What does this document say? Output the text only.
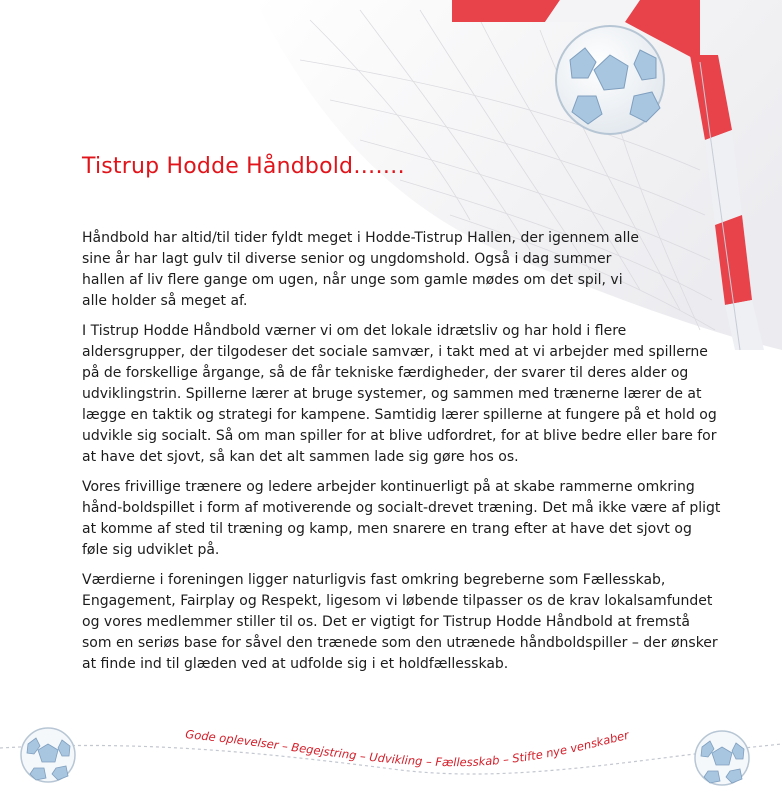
Tistrup Hodde Håndbold…….

Håndbold har altid/til tider fyldt meget i Hodde-Tistrup Hallen, der igennem alle sine år har lagt gulv til diverse senior og ungdomshold. Også i dag summer hallen af liv flere gange om ugen, når unge som gamle mødes om det spil, vi alle holder så meget af.

I Tistrup Hodde Håndbold værner vi om det lokale idrætsliv og har hold i flere aldersgrupper, der tilgodeser det sociale samvær, i takt med at vi arbejder med spillerne på de forskellige årgange, så de får tekniske færdigheder, der svarer til deres alder og udviklingstrin. Spillerne lærer at bruge systemer, og sammen med trænerne lærer de at lægge en taktik og strategi for kampene. Samtidig lærer spillerne at fungere på et hold og udvikle sig socialt. Så om man spiller for at blive udfordret, for at blive bedre eller bare for at have det sjovt, så kan det alt sammen lade sig gøre hos os.

Vores frivillige trænere og ledere arbejder kontinuerligt på at skabe rammerne omkring hånd-boldspillet i form af motiverende og socialt-drevet træning. Det må ikke være af pligt at komme af sted til træning og kamp, men snarere en trang efter at have det sjovt og føle sig udviklet på.

Værdierne i foreningen ligger naturligvis fast omkring begreberne som Fællesskab, Engagement, Fairplay og Respekt, ligesom vi løbende tilpasser os de krav lokalsamfundet og vores medlemmer stiller til os. Det er vigtigt for Tistrup Hodde Håndbold at fremstå som en seriøs base for såvel den trænede som den utrænede håndboldspiller – der ønsker at finde ind til glæden ved at udfolde sig i et holdfællesskab.

Gode oplevelser – Begejstring – Udvikling – Fællesskab – Stifte nye venskaber
